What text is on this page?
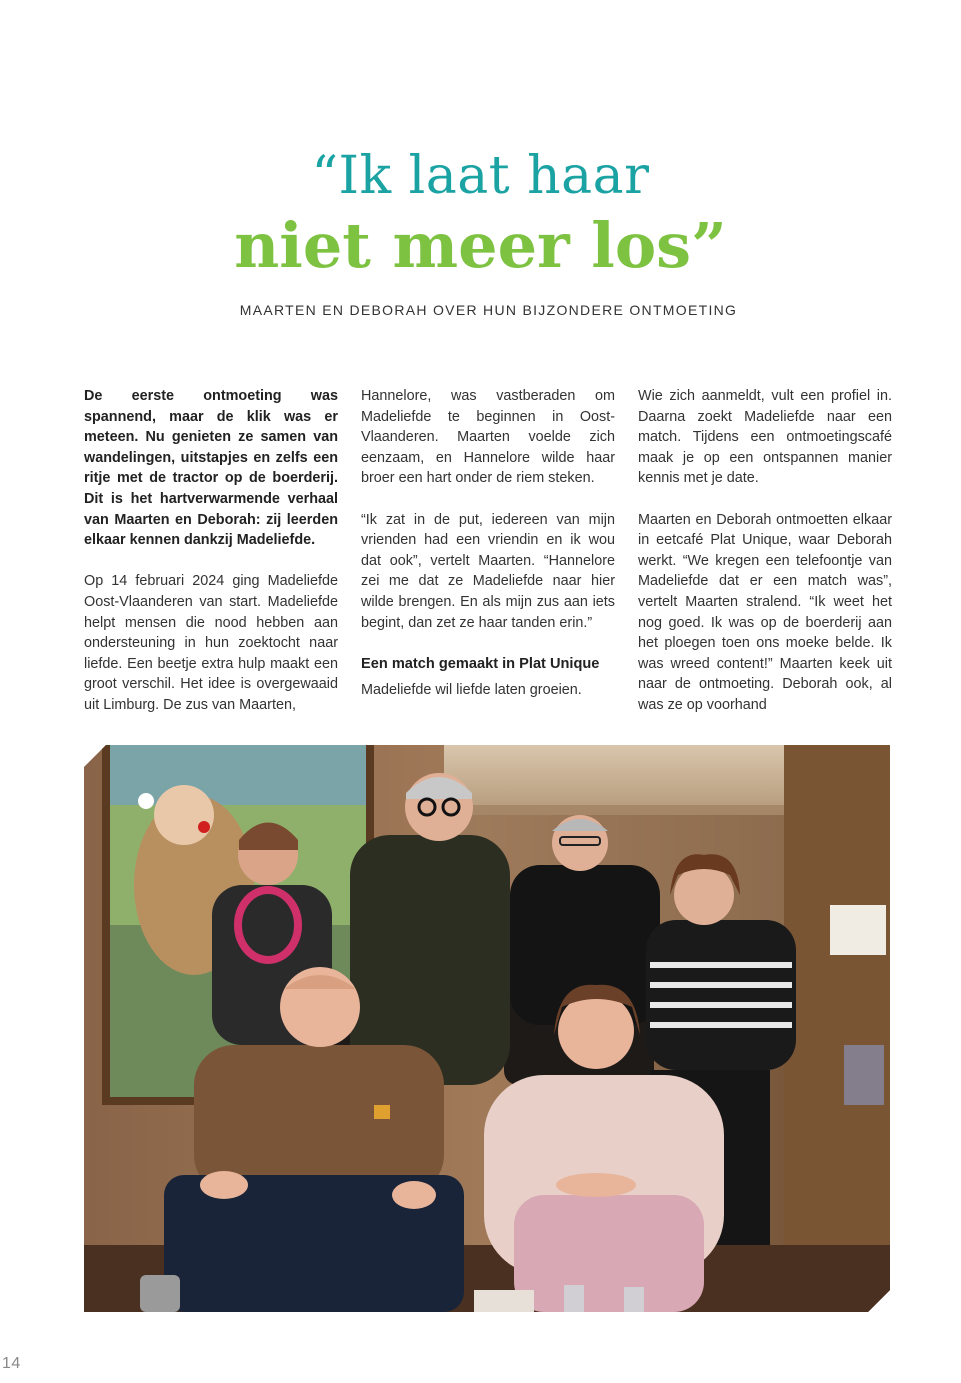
“Ik laat haar
niet meer los”
MAARTEN EN DEBORAH OVER HUN BIJZONDERE ONTMOETING

De eerste ontmoeting was spannend, maar de klik was er meteen. Nu genieten ze samen van wandelingen, uitstapjes en zelfs een ritje met de tractor op de boerderij. Dit is het hartverwarmende verhaal van Maarten en Deborah: zij leerden elkaar kennen dankzij Madeliefde.

Op 14 februari 2024 ging Madeliefde Oost-Vlaanderen van start. Madeliefde helpt mensen die nood hebben aan ondersteuning in hun zoektocht naar liefde. Een beetje extra hulp maakt een groot verschil. Het idee is overgewaaid uit Limburg. De zus van Maarten,

Hannelore, was vastberaden om Madeliefde te beginnen in Oost-Vlaanderen. Maarten voelde zich eenzaam, en Hannelore wilde haar broer een hart onder de riem steken.

“Ik zat in de put, iedereen van mijn vrienden had een vriendin en ik wou dat ook”, vertelt Maarten. “Hannelore zei me dat ze Madeliefde naar hier wilde brengen. En als mijn zus aan iets begint, dan zet ze haar tanden erin.”

Een match gemaakt in Plat Unique

Madeliefde wil liefde laten groeien.

Wie zich aanmeldt, vult een profiel in. Daarna zoekt Madeliefde naar een match. Tijdens een ontmoetingscafé maak je op een ontspannen manier kennis met je date.

Maarten en Deborah ontmoetten elkaar in eetcafé Plat Unique, waar Deborah werkt. “We kregen een telefoontje van Madeliefde dat er een match was”, vertelt Maarten stralend. “Ik weet het nog goed. Ik was op de boerderij aan het ploegen toen ons moeke belde. Ik was wreed content!” Maarten keek uit naar de ontmoeting. Deborah ook, al was ze op voorhand

14
